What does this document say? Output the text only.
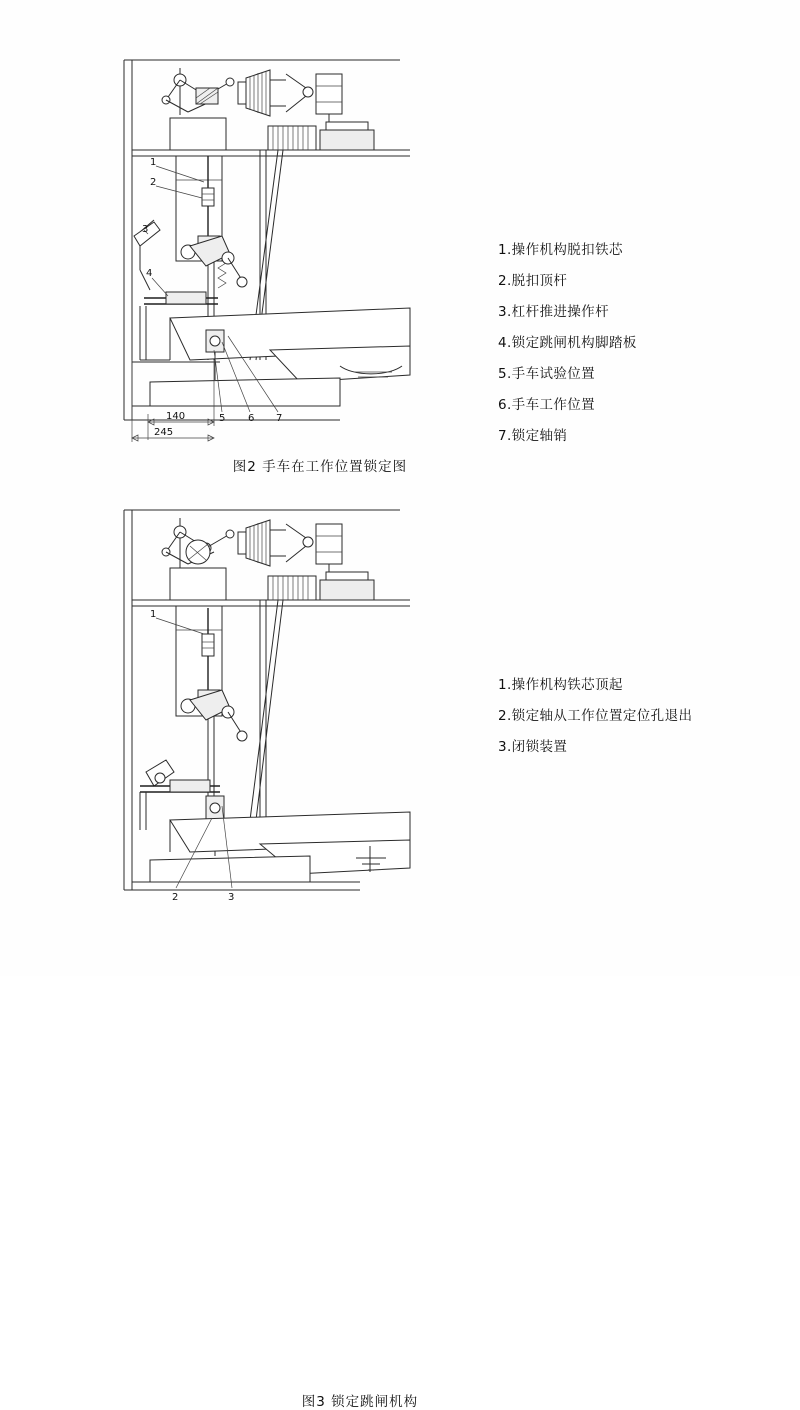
140
245
1
2
3
4
5 6 7
1.操作机构脱扣铁芯
2.脱扣顶杆
3.杠杆推进操作杆
4.锁定跳闸机构脚踏板
5.手车试验位置
6.手车工作位置
7.锁定轴销
图2 手车在工作位置锁定图
1
2	3
1.操作机构铁芯顶起
2.锁定轴从工作位置定位孔退出
3.闭锁装置
图3 锁定跳闸机构
